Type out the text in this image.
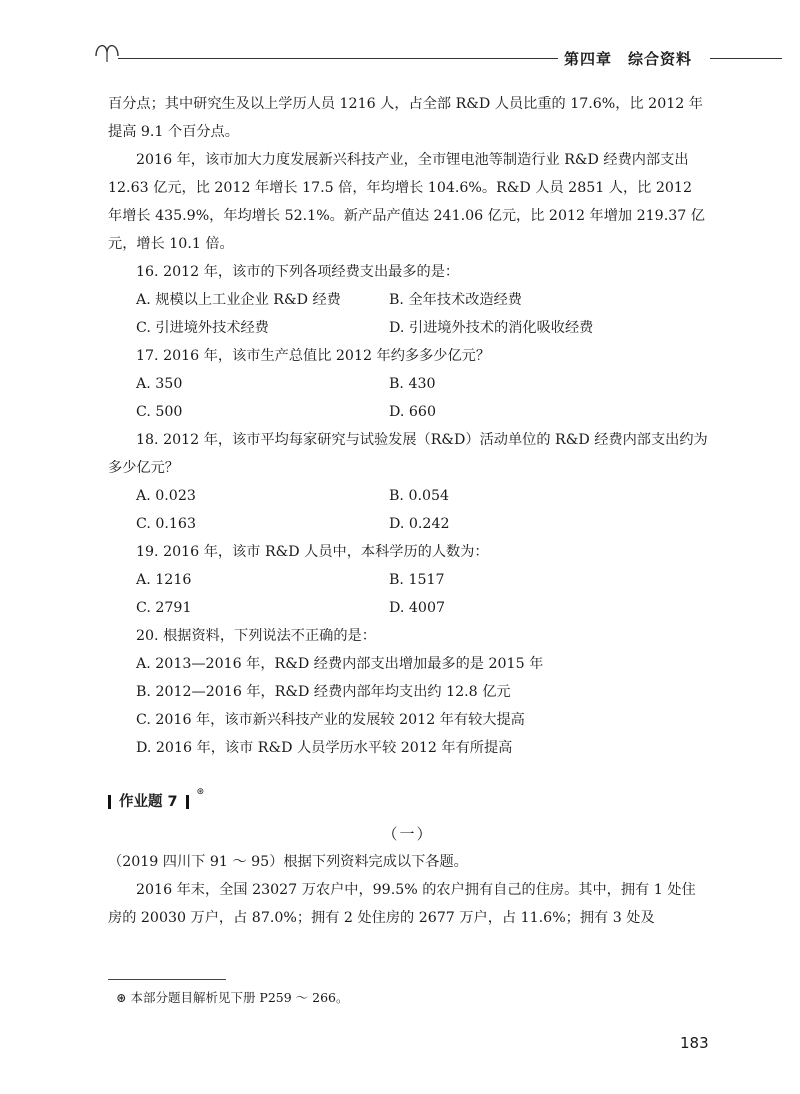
第四章　综合资料

百分点；其中研究生及以上学历人员 1216 人，占全部 R&D 人员比重的 17.6%，比 2012 年提高 9.1 个百分点。

2016 年，该市加大力度发展新兴科技产业，全市锂电池等制造行业 R&D 经费内部支出 12.63 亿元，比 2012 年增长 17.5 倍，年均增长 104.6%。R&D 人员 2851 人，比 2012 年增长 435.9%，年均增长 52.1%。新产品产值达 241.06 亿元，比 2012 年增加 219.37 亿元，增长 10.1 倍。

16. 2012 年，该市的下列各项经费支出最多的是：

A. 规模以上工业企业 R&D 经费	B. 全年技术改造经费
C. 引进境外技术经费	D. 引进境外技术的消化吸收经费

17. 2016 年，该市生产总值比 2012 年约多多少亿元？

A. 350	B. 430
C. 500	D. 660

18. 2012 年，该市平均每家研究与试验发展（R&D）活动单位的 R&D 经费内部支出约为多少亿元？

A. 0.023	B. 0.054
C. 0.163	D. 0.242

19. 2016 年，该市 R&D 人员中，本科学历的人数为：

A. 1216	B. 1517
C. 2791	D. 4007

20. 根据资料，下列说法不正确的是：

A. 2013—2016 年，R&D 经费内部支出增加最多的是 2015 年

B. 2012—2016 年，R&D 经费内部年均支出约 12.8 亿元

C. 2016 年，该市新兴科技产业的发展较 2012 年有较大提高

D. 2016 年，该市 R&D 人员学历水平较 2012 年有所提高

作业题 7
⊛

（一）

（2019 四川下 91 ～ 95）根据下列资料完成以下各题。

2016 年末，全国 23027 万农户中，99.5% 的农户拥有自己的住房。其中，拥有 1 处住房的 20030 万户，占 87.0%；拥有 2 处住房的 2677 万户，占 11.6%；拥有 3 处及

⊛ 本部分题目解析见下册 P259 ～ 266。
183
